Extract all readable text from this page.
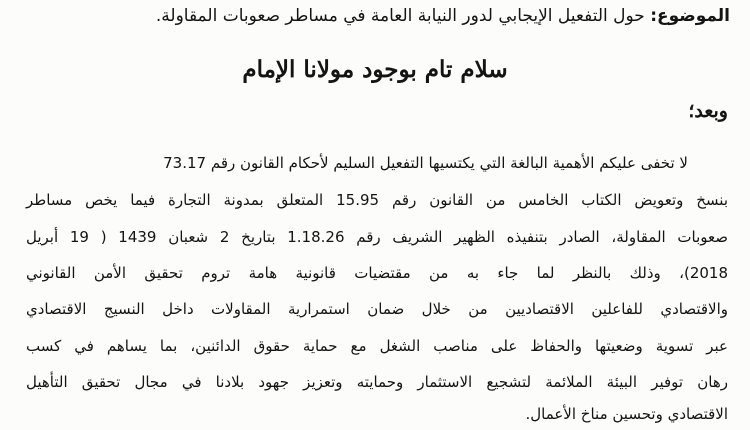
الموضوع: حول التفعيل الإيجابي لدور النيابة العامة في مساطر صعوبات المقاولة.
سلام تام بوجود مولانا الإمام
وبعد؛
لا تخفى عليكم الأهمية البالغة التي يكتسيها التفعيل السليم لأحكام القانون رقم 73.17
بنسخ وتعويض الكتاب الخامس من القانون رقم 15.95 المتعلق بمدونة التجارة فيما يخص مساطر
صعوبات المقاولة، الصادر بتنفيذه الظهير الشريف رقم 1.18.26 بتاريخ 2 شعبان 1439 ( 19 أبريل
2018)، وذلك بالنظر لما جاء به من مقتضيات قانونية هامة تروم تحقيق الأمن القانوني
والاقتصادي للفاعلين الاقتصاديين من خلال ضمان استمرارية المقاولات داخل النسيج الاقتصادي
عبر تسوية وضعيتها والحفاظ على مناصب الشغل مع حماية حقوق الدائنين، بما يساهم في كسب
رهان توفير البيئة الملائمة لتشجيع الاستثمار وحمايته وتعزيز جهود بلادنا في مجال تحقيق التأهيل
الاقتصادي وتحسين مناخ الأعمال.
